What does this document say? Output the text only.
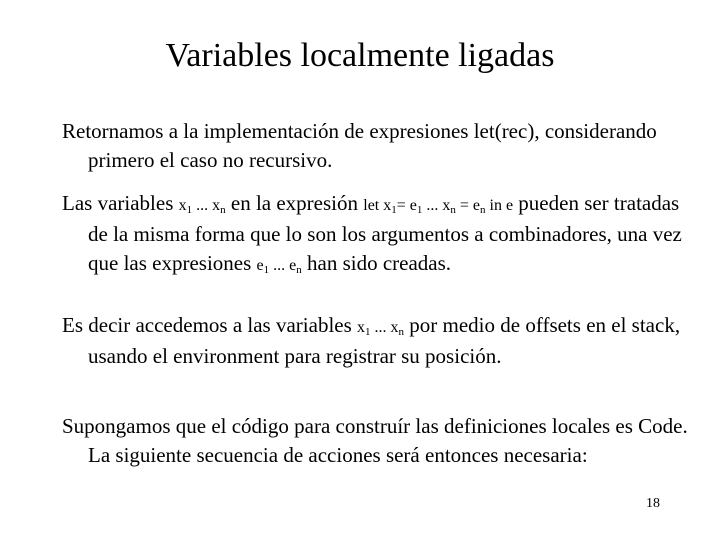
Variables localmente ligadas
Retornamos a la implementación de expresiones let(rec), considerando primero el caso no recursivo.
Las variables $x_1$ ... $x_n$ en la expresión let $x_1= e_1$ ... $x_n = e_n$ in e pueden ser tratadas de la misma forma que lo son los argumentos a combinadores, una vez que las expresiones $e_1$ ... $e_n$ han sido creadas.
Es decir accedemos a las variables $x_1$ ... $x_n$ por medio de offsets en el stack, usando el environment para registrar su posición.
Supongamos que el código para construír las definiciones locales es Code. La siguiente secuencia de acciones será entonces necesaria:
18
